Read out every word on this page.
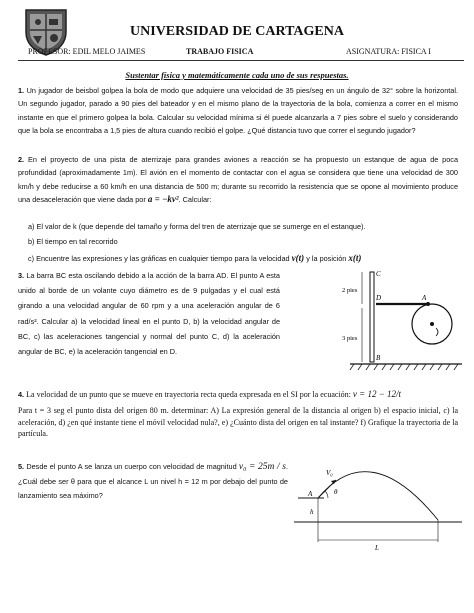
UNIVERSIDAD DE CARTAGENA
PROFESOR: EDIL MELO JAIMES	TRABAJO FISICA	ASIGNATURA: FISICA I
Sustentar física y matemáticamente cada uno de sus respuestas.
1. Un jugador de beisbol golpea la bola de modo que adquiere una velocidad de 35 pies/seg en un ángulo de 32° sobre la horizontal. Un segundo jugador, parado a 90 pies del bateador y en el mismo plano de la trayectoria de la bola, comienza a correr en el mismo instante en que el primero golpea la bola. Calcular su velocidad mínima si él puede alcanzarla a 7 pies sobre el suelo y considerando que la bola se encontraba a 1,5 pies de altura cuando recibió el golpe. ¿Qué distancia tuvo que correr el segundo jugador?
2. En el proyecto de una pista de aterrizaje para grandes aviones a reacción se ha propuesto un estanque de agua de poca profundidad (aproximadamente 1m). El avión en el momento de contactar con el agua se considera que tiene una velocidad de 300 km/h y debe reducirse a 60 km/h en una distancia de 500 m; durante su recorrido la resistencia que se opone al movimiento produce una desaceleración que viene dada por a = −kv². Calcular:
a) El valor de k (que depende del tamaño y forma del tren de aterrizaje que se sumerge en el estanque).
b) El tiempo en tal recorrido
c) Encuentre las expresiones y las gráficas en cualquier tiempo para la velocidad v(t) y la posición x(t)
3. La barra BC esta oscilando debido a la acción de la barra AD. El punto A esta unido al borde de un volante cuyo diámetro es de 9 pulgadas y el cual está girando a una velocidad angular de 60 rpm y a una aceleración angular de 6 rad/s². Calcular a) la velocidad lineal en el punto D, b) la velocidad angular de BC, c) las aceleraciones tangencial y normal del punto C, d) la aceleración angular de BC, e) la aceleración tangencial en D.
2 pies
3 pies
C
D	A
B
4. La velocidad de un punto que se mueve en trayectoria recta queda expresada en el SI por la ecuación: v = 12 − 12/t
Para t = 3 seg el punto dista del origen 80 m. determinar: A) La expresión general de la distancia al origen b) el espacio inicial, c) la aceleración, d) ¿en qué instante tiene el móvil velocidad nula?, e) ¿Cuánto dista del origen en tal instante? f) Grafique la trayectoria de la partícula.
5. Desde el punto A se lanza un cuerpo con velocidad de magnitud v₀ = 25m / s. ¿Cuál debe ser θ para que el alcance L un nivel h = 12 m por debajo del punto de lanzamiento sea máximo?
V₀
θ
A
h
L
